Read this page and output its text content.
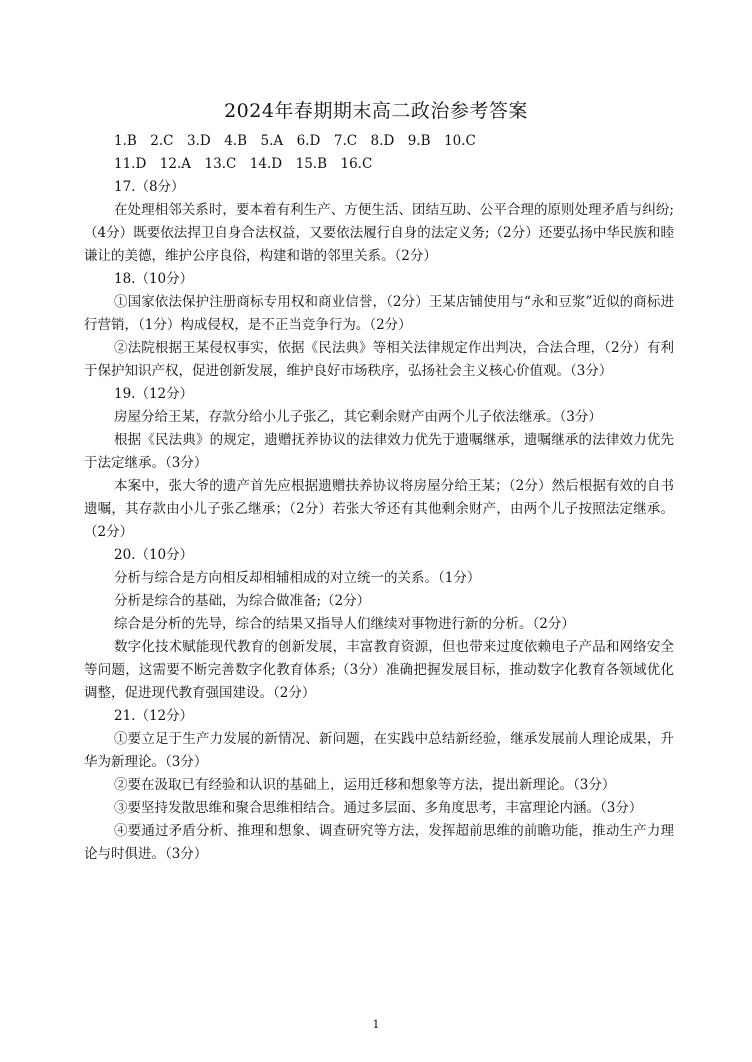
2024年春期期末高二政治参考答案
1.B　2.C　3.D　4.B　5.A　6.D　7.C　8.D　9.B　10.C
11.D　12.A　13.C　14.D　15.B　16.C
17.（8分）
在处理相邻关系时，要本着有利生产、方便生活、团结互助、公平合理的原则处理矛盾与纠纷;（4分）既要依法捍卫自身合法权益，又要依法履行自身的法定义务;（2分）还要弘扬中华民族和睦谦让的美德，维护公序良俗，构建和谐的邻里关系。（2分）
18.（10分）
①国家依法保护注册商标专用权和商业信誉，（2分）王某店铺使用与“永和豆浆”近似的商标进行营销，（1分）构成侵权，是不正当竞争行为。（2分）
②法院根据王某侵权事实，依据《民法典》等相关法律规定作出判决，合法合理，（2分）有利于保护知识产权，促进创新发展，维护良好市场秩序，弘扬社会主义核心价值观。（3分）
19.（12分）
房屋分给王某，存款分给小儿子张乙，其它剩余财产由两个儿子依法继承。（3分）
根据《民法典》的规定，遗赠抚养协议的法律效力优先于遗嘱继承，遗嘱继承的法律效力优先于法定继承。（3分）
本案中，张大爷的遗产首先应根据遗赠扶养协议将房屋分给王某；（2分）然后根据有效的自书遗嘱，其存款由小儿子张乙继承；（2分）若张大爷还有其他剩余财产，由两个儿子按照法定继承。（2分）
20.（10分）
分析与综合是方向相反却相辅相成的对立统一的关系。（1分）
分析是综合的基础，为综合做准备;（2分）
综合是分析的先导，综合的结果又指导人们继续对事物进行新的分析。（2分）
数字化技术赋能现代教育的创新发展，丰富教育资源，但也带来过度依赖电子产品和网络安全等问题，这需要不断完善数字化教育体系;（3分）准确把握发展目标，推动数字化教育各领域优化调整，促进现代教育强国建设。（2分）
21.（12分）
①要立足于生产力发展的新情况、新问题，在实践中总结新经验，继承发展前人理论成果，升华为新理论。（3分）
②要在汲取已有经验和认识的基础上，运用迁移和想象等方法，提出新理论。（3分）
③要坚持发散思维和聚合思维相结合。通过多层面、多角度思考，丰富理论内涵。（3分）
④要通过矛盾分析、推理和想象、调查研究等方法，发挥超前思维的前瞻功能，推动生产力理论与时俱进。（3分）
1
